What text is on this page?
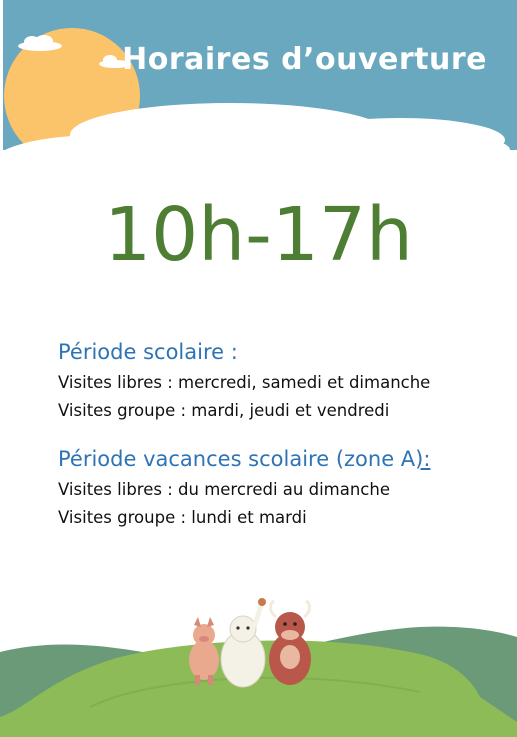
Horaires d’ouverture
10h-17h
Période scolaire :
Visites libres : mercredi, samedi et dimanche
Visites groupe : mardi, jeudi et vendredi
Période vacances scolaire (zone A):
Visites libres : du mercredi au dimanche
Visites groupe : lundi et mardi
